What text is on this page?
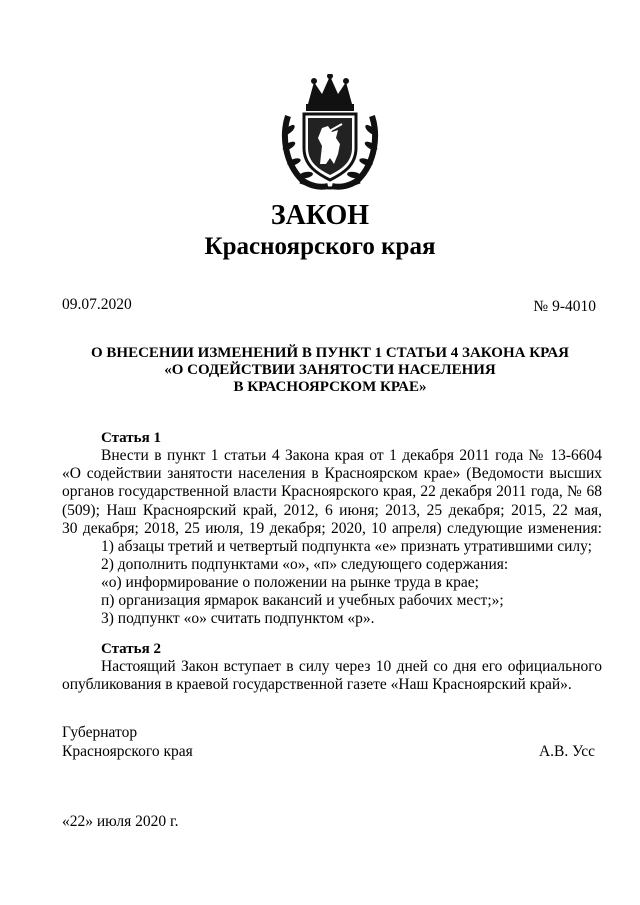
ЗАКОН
Красноярского края
09.07.2020	№ 9-4010
О ВНЕСЕНИИ ИЗМЕНЕНИЙ В ПУНКТ 1 СТАТЬИ 4 ЗАКОНА КРАЯ
«О СОДЕЙСТВИИ ЗАНЯТОСТИ НАСЕЛЕНИЯ
В КРАСНОЯРСКОМ КРАЕ»
Статья 1
Внести в пункт 1 статьи 4 Закона края от 1 декабря 2011 года № 13-6604
«О содействии занятости населения в Красноярском крае» (Ведомости высших
органов государственной власти Красноярского края, 22 декабря 2011 года, № 68
(509); Наш Красноярский край, 2012, 6 июня; 2013, 25 декабря; 2015, 22 мая,
30 декабря; 2018, 25 июля, 19 декабря; 2020, 10 апреля) следующие изменения:
1) абзацы третий и четвертый подпункта «е» признать утратившими силу;
2) дополнить подпунктами «о», «п» следующего содержания:
«о) информирование о положении на рынке труда в крае;
п) организация ярмарок вакансий и учебных рабочих мест;»;
3) подпункт «о» считать подпунктом «р».
Статья 2
Настоящий Закон вступает в силу через 10 дней со дня его официального
опубликования в краевой государственной газете «Наш Красноярский край».
Губернатор
Красноярского края	А.В. Усс
«22» июля 2020 г.
